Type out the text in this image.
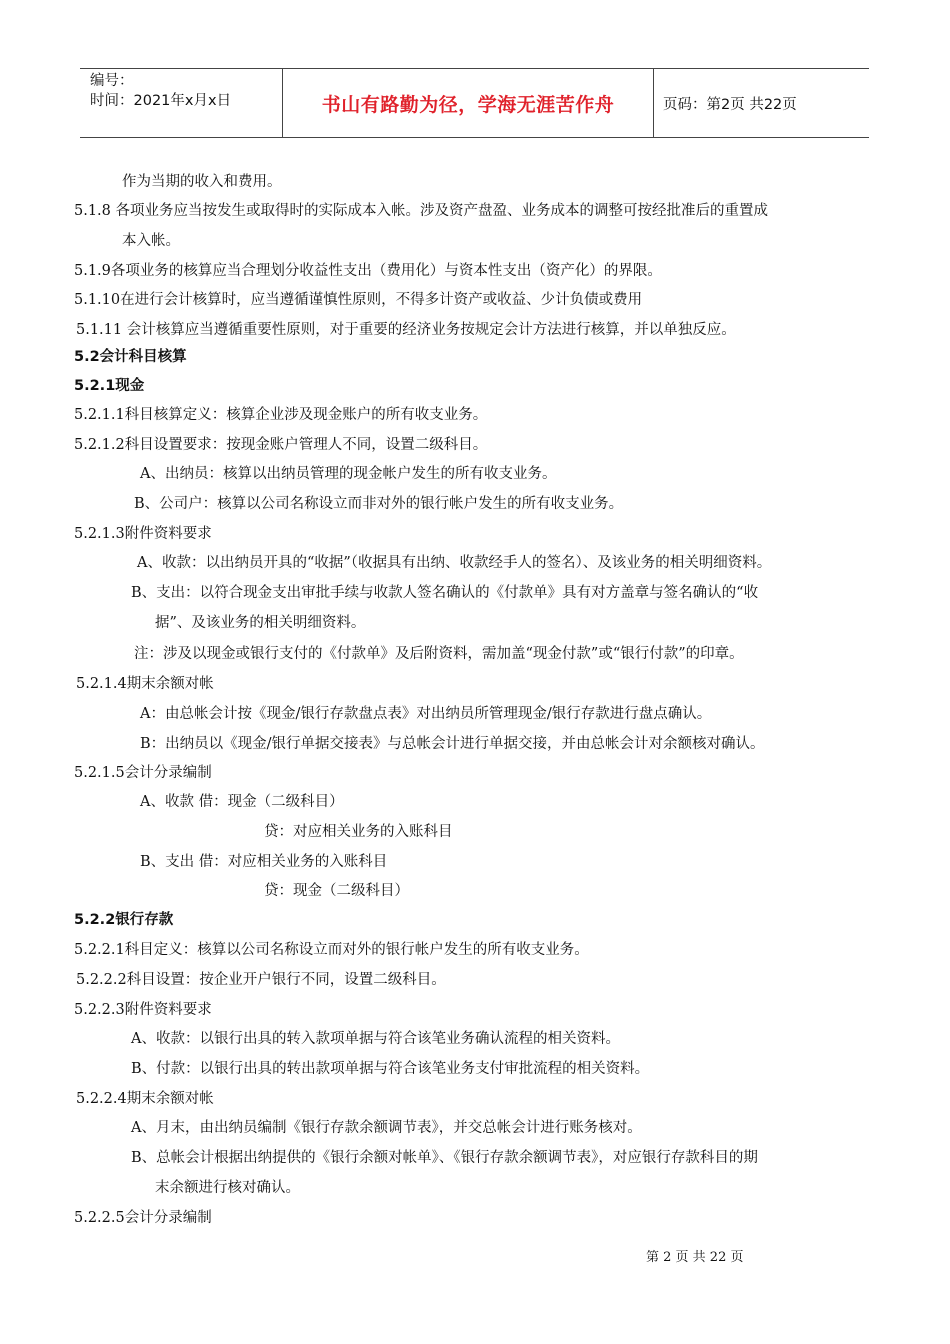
编号：
时间：2021年x月x日	书山有路勤为径，学海无涯苦作舟	页码：第2页 共22页
作为当期的收入和费用。
5.1.8 各项业务应当按发生或取得时的实际成本入帐。涉及资产盘盈、业务成本的调整可按经批准后的重置成
本入帐。
5.1.9各项业务的核算应当合理划分收益性支出（费用化）与资本性支出（资产化）的界限。
5.1.10在进行会计核算时，应当遵循谨慎性原则，不得多计资产或收益、少计负债或费用
5.1.11 会计核算应当遵循重要性原则，对于重要的经济业务按规定会计方法进行核算，并以单独反应。
5.2会计科目核算
5.2.1现金
5.2.1.1科目核算定义：核算企业涉及现金账户的所有收支业务。
5.2.1.2科目设置要求：按现金账户管理人不同，设置二级科目。
A、出纳员：核算以出纳员管理的现金帐户发生的所有收支业务。
B、公司户：核算以公司名称设立而非对外的银行帐户发生的所有收支业务。
5.2.1.3附件资料要求
A、收款：以出纳员开具的“收据”（收据具有出纳、收款经手人的签名）、及该业务的相关明细资料。
B、支出：以符合现金支出审批手续与收款人签名确认的《付款单》具有对方盖章与签名确认的“收
据”、及该业务的相关明细资料。
注：涉及以现金或银行支付的《付款单》及后附资料，需加盖“现金付款”或“银行付款”的印章。
5.2.1.4期末余额对帐
A：由总帐会计按《现金/银行存款盘点表》对出纳员所管理现金/银行存款进行盘点确认。
B：出纳员以《现金/银行单据交接表》与总帐会计进行单据交接，并由总帐会计对余额核对确认。
5.2.1.5会计分录编制
A、收款 借：现金（二级科目）
贷：对应相关业务的入账科目
B、支出 借：对应相关业务的入账科目
贷：现金（二级科目）
5.2.2银行存款
5.2.2.1科目定义：核算以公司名称设立而对外的银行帐户发生的所有收支业务。
5.2.2.2科目设置：按企业开户银行不同，设置二级科目。
5.2.2.3附件资料要求
A、收款：以银行出具的转入款项单据与符合该笔业务确认流程的相关资料。
B、付款：以银行出具的转出款项单据与符合该笔业务支付审批流程的相关资料。
5.2.2.4期末余额对帐
A、月末，由出纳员编制《银行存款余额调节表》，并交总帐会计进行账务核对。
B、总帐会计根据出纳提供的《银行余额对帐单》、《银行存款余额调节表》，对应银行存款科目的期
末余额进行核对确认。
5.2.2.5会计分录编制
第 2 页 共 22 页
